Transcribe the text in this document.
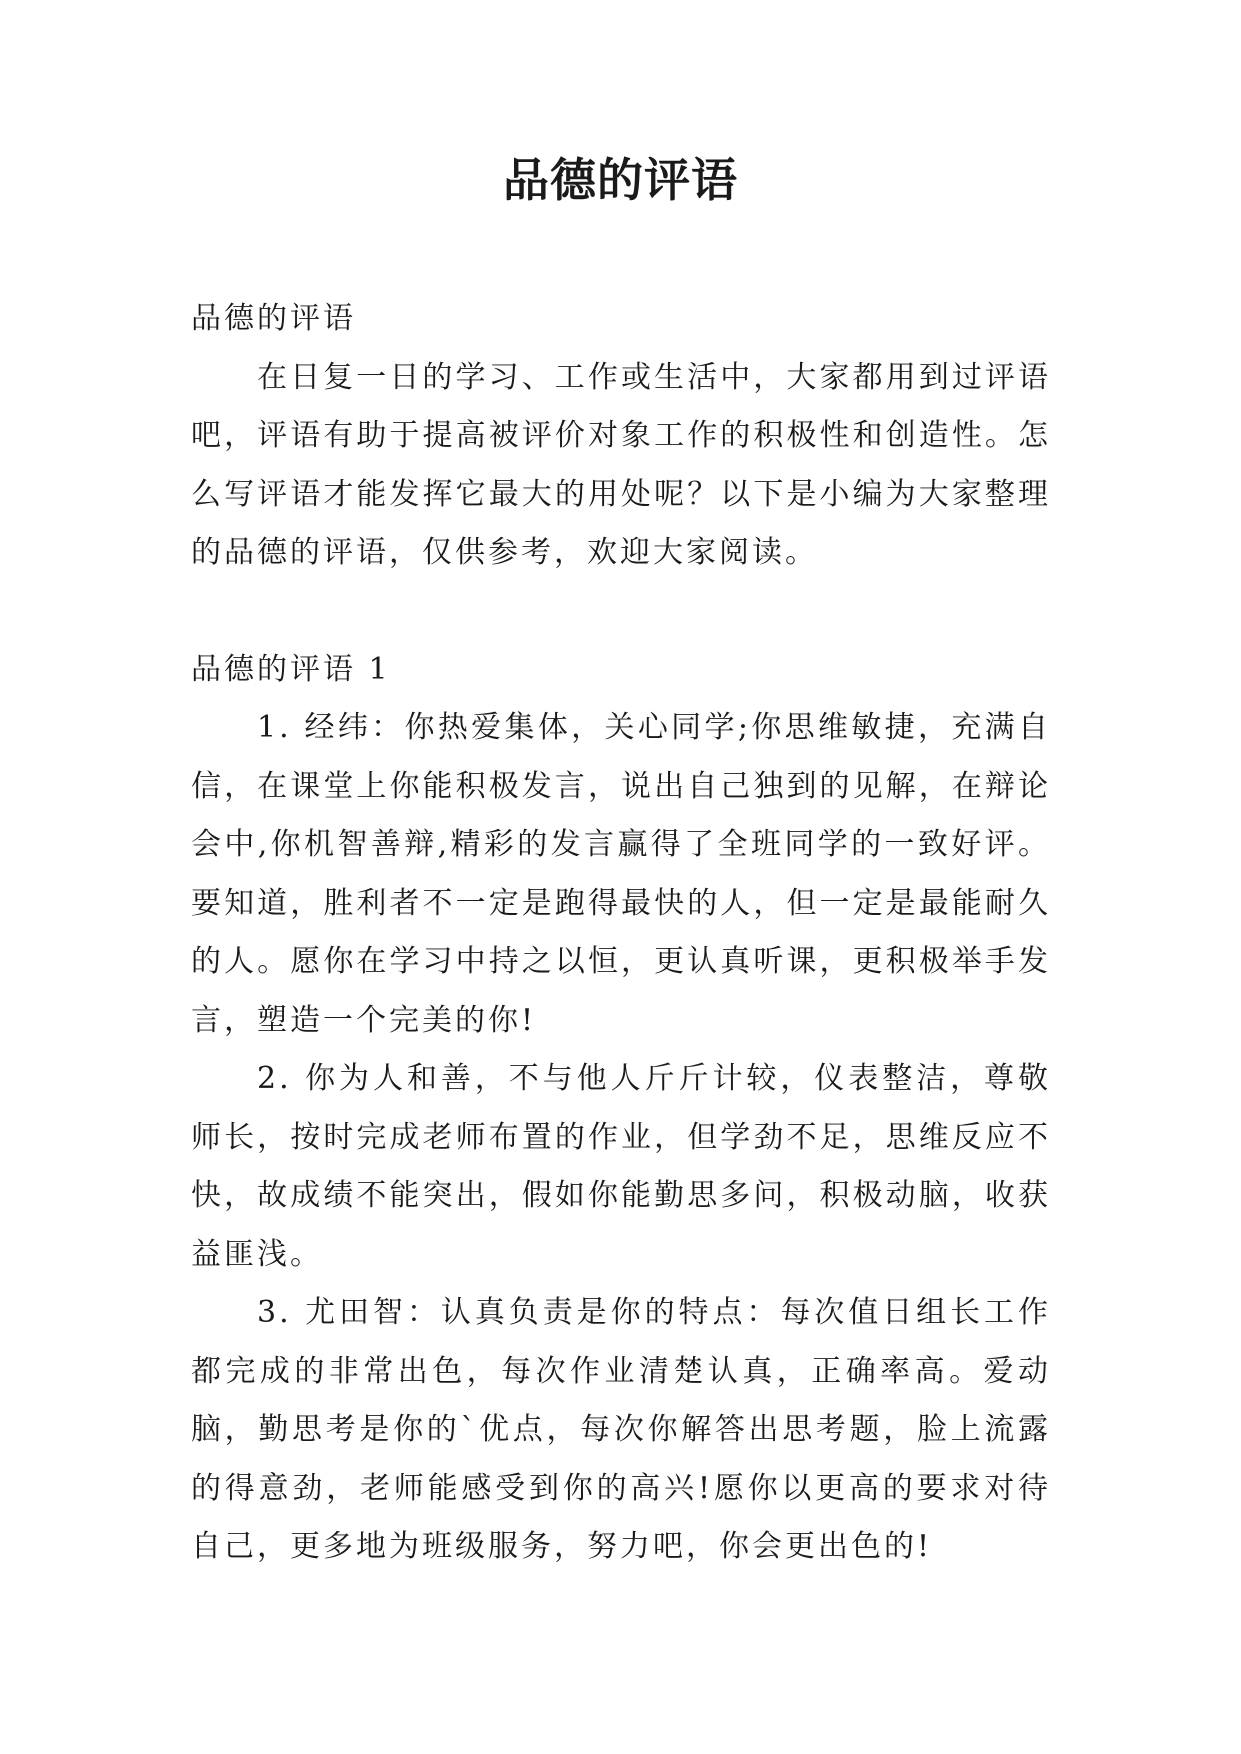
品德的评语

品德的评语

在日复一日的学习、工作或生活中，大家都用到过评语吧，评语有助于提高被评价对象工作的积极性和创造性。怎么写评语才能发挥它最大的用处呢？以下是小编为大家整理的品德的评语，仅供参考，欢迎大家阅读。

品德的评语 1

1. 经纬：你热爱集体，关心同学;你思维敏捷，充满自信，在课堂上你能积极发言，说出自己独到的见解，在辩论会中,你机智善辩,精彩的发言赢得了全班同学的一致好评。要知道，胜利者不一定是跑得最快的人，但一定是最能耐久的人。愿你在学习中持之以恒，更认真听课，更积极举手发言，塑造一个完美的你!

2. 你为人和善，不与他人斤斤计较，仪表整洁，尊敬师长，按时完成老师布置的作业，但学劲不足，思维反应不快，故成绩不能突出，假如你能勤思多问，积极动脑，收获益匪浅。

3. 尤田智：认真负责是你的特点：每次值日组长工作都完成的非常出色，每次作业清楚认真，正确率高。爱动脑，勤思考是你的`优点，每次你解答出思考题，脸上流露的得意劲，老师能感受到你的高兴!愿你以更高的要求对待自己，更多地为班级服务，努力吧，你会更出色的!
